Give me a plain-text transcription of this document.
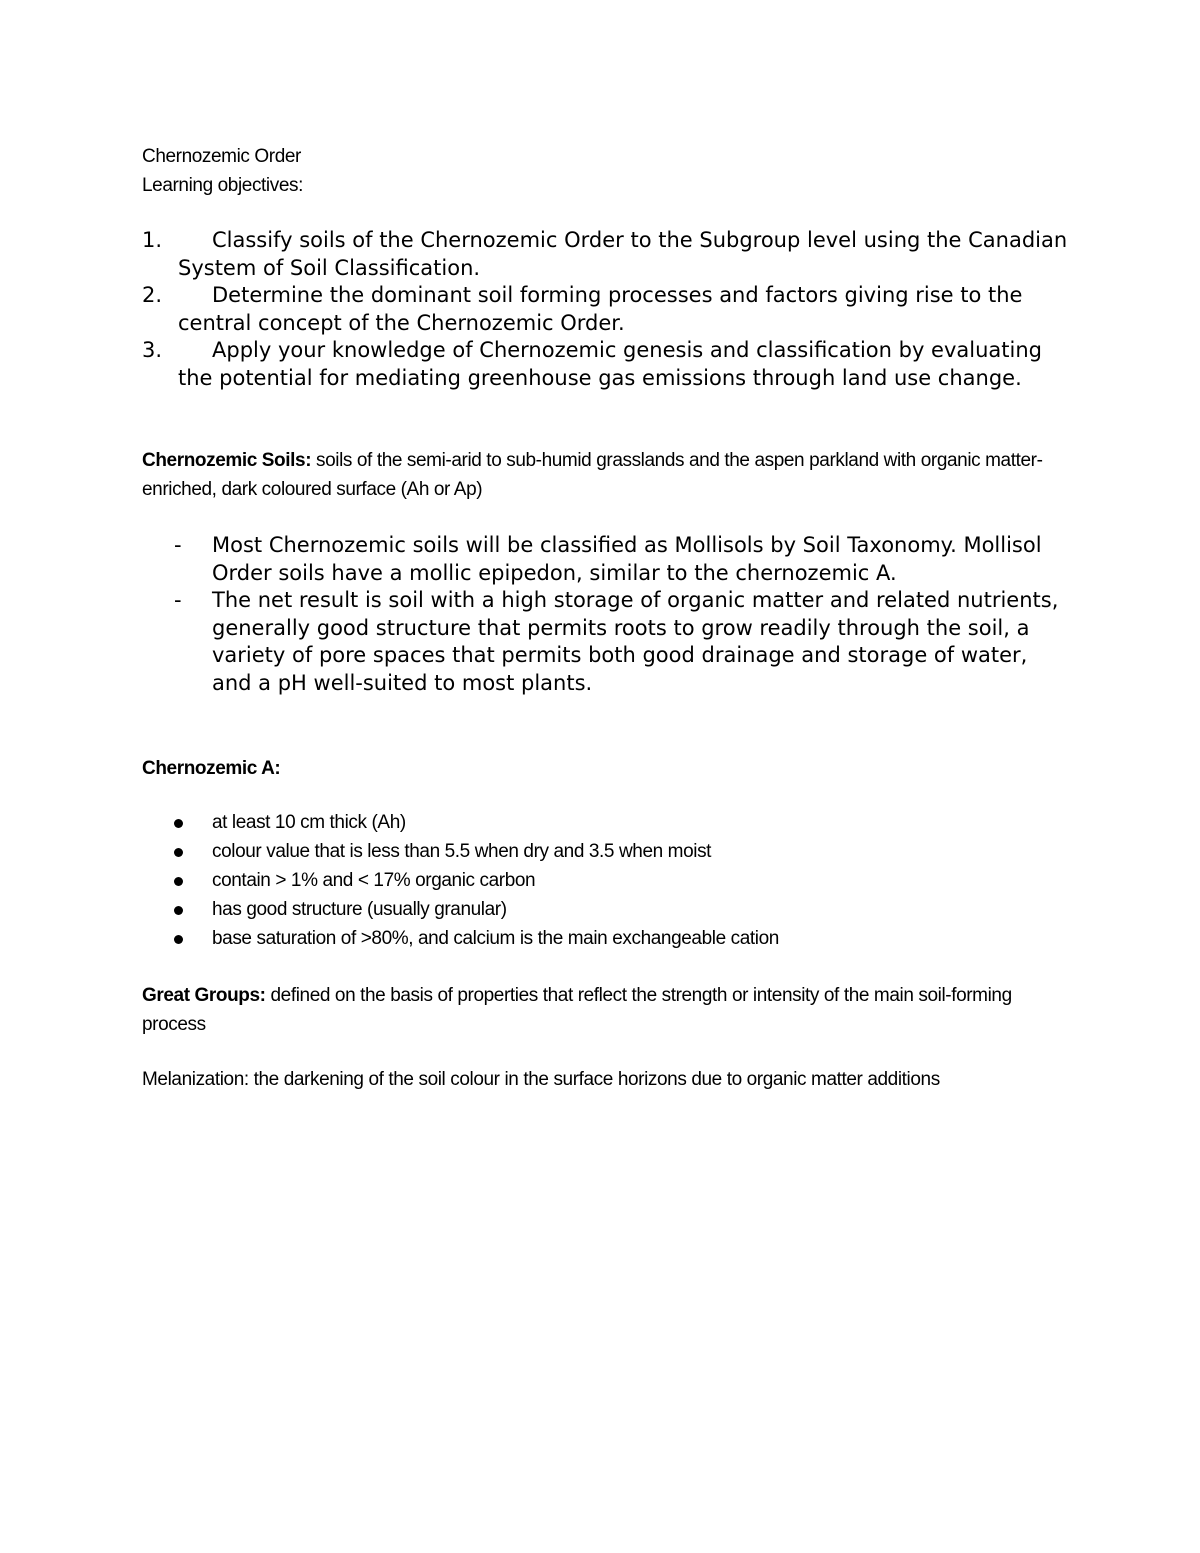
Chernozemic Order
Learning objectives:
1.	Classify soils of the Chernozemic Order to the Subgroup level using the Canadian System of Soil Classification.
2.	Determine the dominant soil forming processes and factors giving rise to the central concept of the Chernozemic Order.
3.	Apply your knowledge of Chernozemic genesis and classification by evaluating the potential for mediating greenhouse gas emissions through land use change.
Chernozemic Soils: soils of the semi-arid to sub-humid grasslands and the aspen parkland with organic matter-enriched, dark coloured surface (Ah or Ap)
- Most Chernozemic soils will be classified as Mollisols by Soil Taxonomy. Mollisol Order soils have a mollic epipedon, similar to the chernozemic A.
- The net result is soil with a high storage of organic matter and related nutrients, generally good structure that permits roots to grow readily through the soil, a variety of pore spaces that permits both good drainage and storage of water, and a pH well-suited to most plants.
Chernozemic A:
at least 10 cm thick (Ah)
colour value that is less than 5.5 when dry and 3.5 when moist
contain > 1% and < 17% organic carbon
has good structure (usually granular)
base saturation of >80%, and calcium is the main exchangeable cation
Great Groups: defined on the basis of properties that reflect the strength or intensity of the main soil-forming process
Melanization: the darkening of the soil colour in the surface horizons due to organic matter additions
